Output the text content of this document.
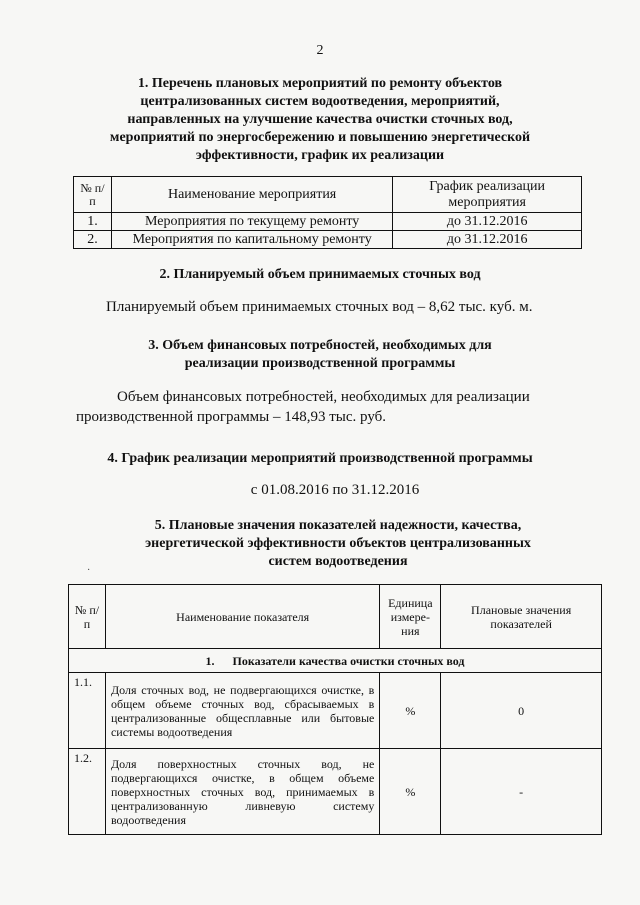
2
1. Перечень плановых мероприятий по ремонту объектов
централизованных систем водоотведения, мероприятий,
направленных на улучшение качества очистки сточных вод,
мероприятий по энергосбережению и повышению энергетической
эффективности, график их реализации
№ п/п	Наименование мероприятия	График реализации мероприятия
1.	Мероприятия по текущему ремонту	до 31.12.2016
2.	Мероприятия по капитальному ремонту	до 31.12.2016
2. Планируемый объем принимаемых сточных вод
Планируемый объем принимаемых сточных вод – 8,62 тыс. куб. м.
3. Объем финансовых потребностей, необходимых для
реализации производственной программы
Объем финансовых потребностей, необходимых для реализации
производственной программы – 148,93 тыс. руб.
4. График реализации мероприятий производственной программы
с 01.08.2016 по 31.12.2016
5. Плановые значения показателей надежности, качества,
энергетической эффективности объектов централизованных
систем водоотведения
·
№ п/п	Наименование показателя	Единица измере-ния	Плановые значения показателей
1. Показатели качества очистки сточных вод			
1.1.	Доля сточных вод, не подвергающихся очистке, в общем объеме сточных вод, сбрасываемых в централизованные общесплавные или бытовые системы водоотведения	%	0
1.2.	Доля поверхностных сточных вод, не подвергающихся очистке, в общем объеме поверхностных сточных вод, принимаемых в централизованную ливневую систему водоотведения	%	-
